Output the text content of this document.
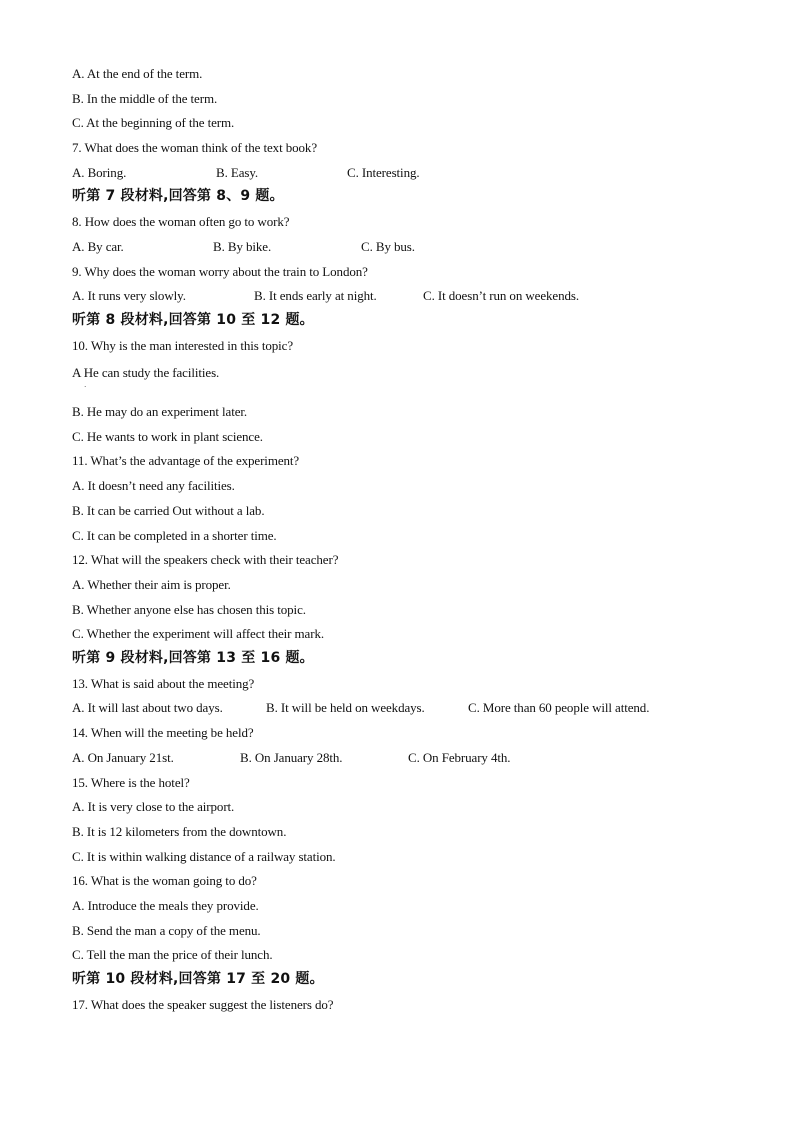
A. At the end of the term.
B. In the middle of the term.
C. At the beginning of the term.
7. What does the woman think of the text book?
A. Boring.	B. Easy.	C. Interesting.
听第 7 段材料,回答第 8、9 题。
8. How does the woman often go to work?
A. By car.	B. By bike.	C. By bus.
9. Why does the woman worry about the train to London?
A. It runs very slowly.	B. It ends early at night.	C. It doesn’t run on weekends.
听第 8 段材料,回答第 10 至 12 题。
10. Why is the man interested in this topic?
A He can study the facilities.
·
B. He may do an experiment later.
C. He wants to work in plant science.
11. What’s the advantage of the experiment?
A. It doesn’t need any facilities.
B. It can be carried Out without a lab.
C. It can be completed in a shorter time.
12. What will the speakers check with their teacher?
A. Whether their aim is proper.
B. Whether anyone else has chosen this topic.
C. Whether the experiment will affect their mark.
听第 9 段材料,回答第 13 至 16 题。
13. What is said about the meeting?
A. It will last about two days.	B. It will be held on weekdays.	C. More than 60 people will attend.
14. When will the meeting be held?
A. On January 21st.	B. On January 28th.	C. On February 4th.
15. Where is the hotel?
A. It is very close to the airport.
B. It is 12 kilometers from the downtown.
C. It is within walking distance of a railway station.
16. What is the woman going to do?
A. Introduce the meals they provide.
B. Send the man a copy of the menu.
C. Tell the man the price of their lunch.
听第 10 段材料,回答第 17 至 20 题。
17. What does the speaker suggest the listeners do?
